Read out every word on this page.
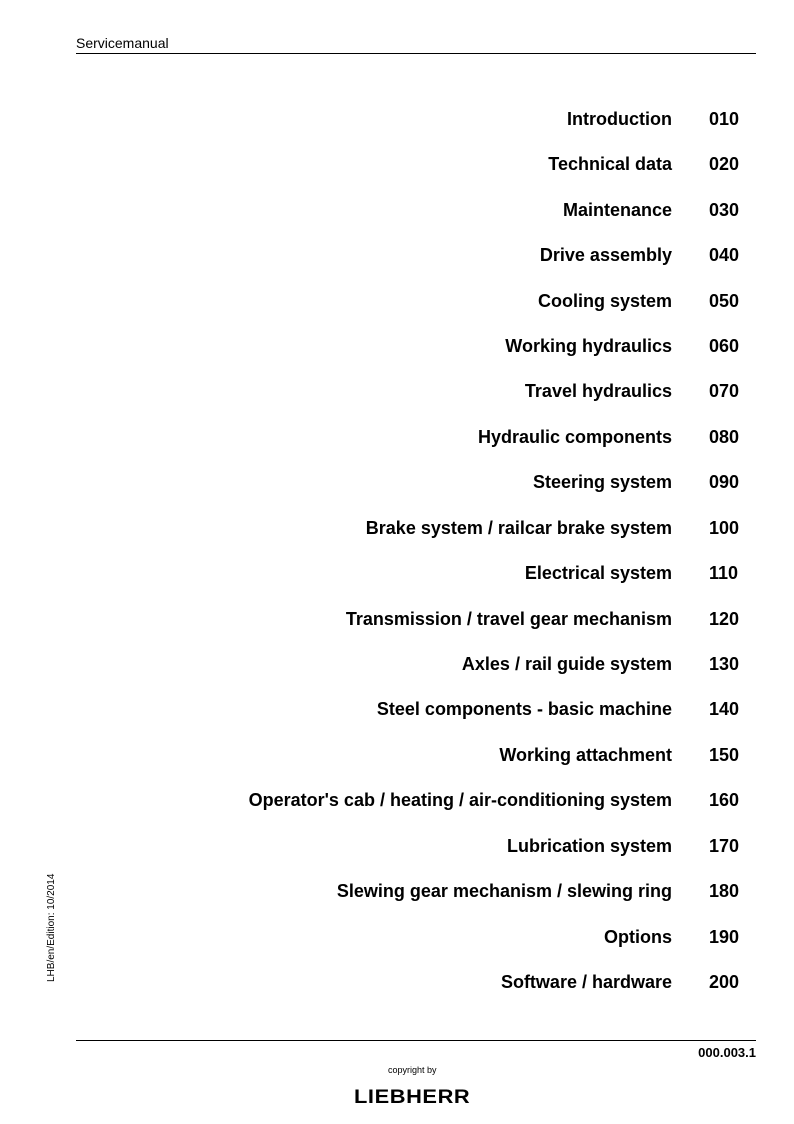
Servicemanual
Introduction 010
Technical data 020
Maintenance 030
Drive assembly 040
Cooling system 050
Working hydraulics 060
Travel hydraulics 070
Hydraulic components 080
Steering system 090
Brake system / railcar brake system 100
Electrical system 110
Transmission / travel gear mechanism 120
Axles / rail guide system 130
Steel components - basic machine 140
Working attachment 150
Operator's cab / heating / air-conditioning system 160
Lubrication system 170
Slewing gear mechanism / slewing ring 180
Options 190
Software / hardware 200
LHB/en/Edition: 10/2014
000.003.1
copyright by
LIEBHERR
